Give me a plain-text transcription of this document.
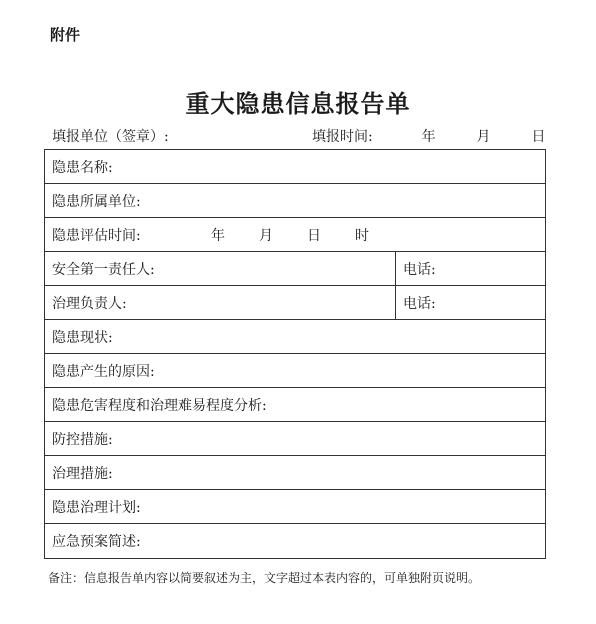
附件
重大隐患信息报告单
填报单位（签章）:	填报时间:	年	月	日
隐患名称:
隐患所属单位:
隐患评估时间:	年 月 日 时
安全第一责任人:	电话:
治理负责人:	电话:
隐患现状:
隐患产生的原因:
隐患危害程度和治理难易程度分析:
防控措施:
治理措施:
隐患治理计划:
应急预案简述:
备注：信息报告单内容以简要叙述为主，文字超过本表内容的，可单独附页说明。
